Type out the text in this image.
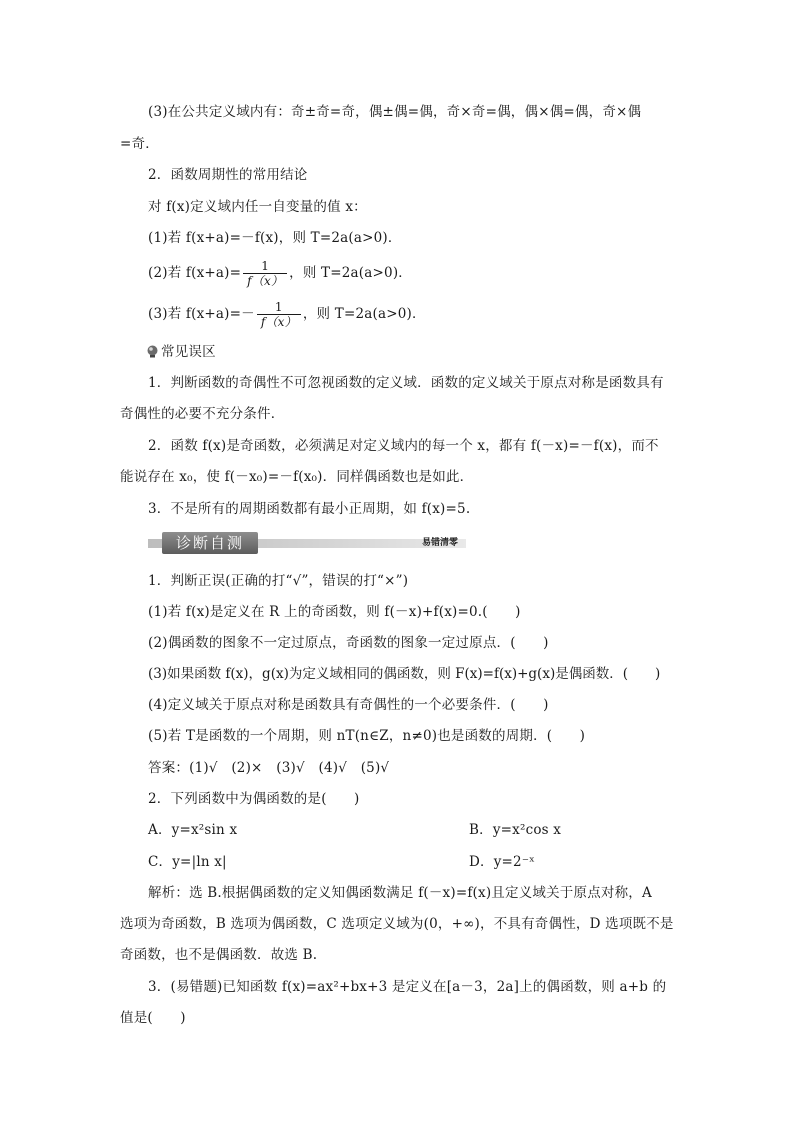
(3)在公共定义域内有：奇±奇=奇，偶±偶=偶，奇×奇=偶，偶×偶=偶，奇×偶
=奇．
2．函数周期性的常用结论
对 f(x)定义域内任一自变量的值 x：
(1)若 f(x+a)=－f(x)，则 T=2a(a>0)．
(2)若 $f(x+a)= \frac{1}{f(x)}$ ，则 T=2a(a>0)．
(3)若 $f(x+a)=- \frac{1}{f(x)}$ ，则 T=2a(a>0)．
常见误区
1．判断函数的奇偶性不可忽视函数的定义域．函数的定义域关于原点对称是函数具有
奇偶性的必要不充分条件．
2．函数 f(x)是奇函数，必须满足对定义域内的每一个 x，都有 f(－x)=－f(x)，而不
能说存在 x₀，使 f(－x₀)=－f(x₀)．同样偶函数也是如此．
3．不是所有的周期函数都有最小正周期，如 f(x)=5.
诊断自测	易错清零
1．判断正误(正确的打“√”，错误的打“×”)
(1)若 f(x)是定义在 R 上的奇函数，则 f(－x)+f(x)=0.(　　)
(2)偶函数的图象不一定过原点，奇函数的图象一定过原点．(　　)
(3)如果函数 f(x)，g(x)为定义域相同的偶函数，则 F(x)=f(x)+g(x)是偶函数．(　　)
(4)定义域关于原点对称是函数具有奇偶性的一个必要条件．(　　)
(5)若 T是函数的一个周期，则 nT(n∈Z，n≠0)也是函数的周期．(　　)
答案：(1)√　(2)×　(3)√　(4)√　(5)√
2．下列函数中为偶函数的是(　　)
A．y=x²sin x	B．y=x²cos x
C．y=|ln x|	D．y=2⁻ˣ
解析：选 B.根据偶函数的定义知偶函数满足 f(－x)=f(x)且定义域关于原点对称，A
选项为奇函数，B 选项为偶函数，C 选项定义域为(0，+∞)，不具有奇偶性，D 选项既不是
奇函数，也不是偶函数．故选 B.
3．(易错题)已知函数 f(x)=ax²+bx+3 是定义在[a－3，2a]上的偶函数，则 a+b 的
值是(　　)
